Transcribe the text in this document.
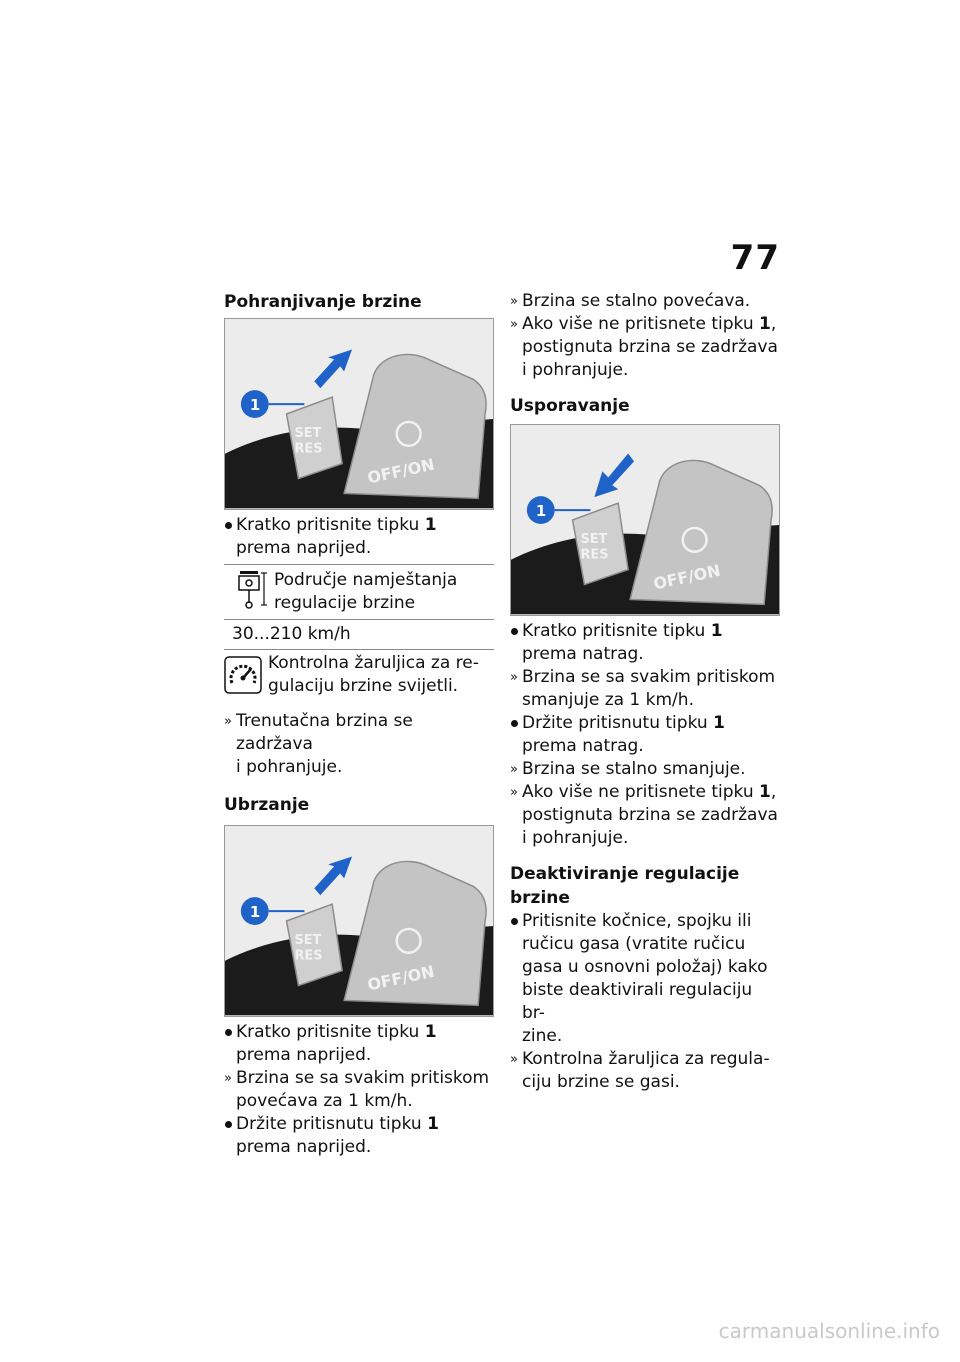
77
Pohranjivanje brzine
SET
RES
OFF/ON
1

Kratko pritisnite tipku 1
prema naprijed.

Područje namještanja
regulacije brzine
30...210 km/h
Kontrolna žaruljica za re-
gulaciju brzine svijetli.

» Trenutačna brzina se zadržava
i pohranjuje.

Ubrzanje
SET
RES
OFF/ON
1

Kratko pritisnite tipku 1
prema naprijed.

» Brzina se sa svakim pritiskom
povećava za 1 km/h.

Držite pritisnutu tipku 1
prema naprijed.

» Brzina se stalno povećava.

» Ako više ne pritisnete tipku 1,
postignuta brzina se zadržava
i pohranjuje.

Usporavanje
SET
RES
OFF/ON
1

Kratko pritisnite tipku 1
prema natrag.

» Brzina se sa svakim pritiskom
smanjuje za 1 km/h.

Držite pritisnutu tipku 1
prema natrag.

» Brzina se stalno smanjuje.

» Ako više ne pritisnete tipku 1,
postignuta brzina se zadržava
i pohranjuje.

Deaktiviranje regulacije brzine

Pritisnite kočnice, spojku ili
ručicu gasa (vratite ručicu
gasa u osnovni položaj) kako
biste deaktivirali regulaciju br-
zine.

» Kontrolna žaruljica za regula-
ciju brzine se gasi.

carmanualsonline.info
